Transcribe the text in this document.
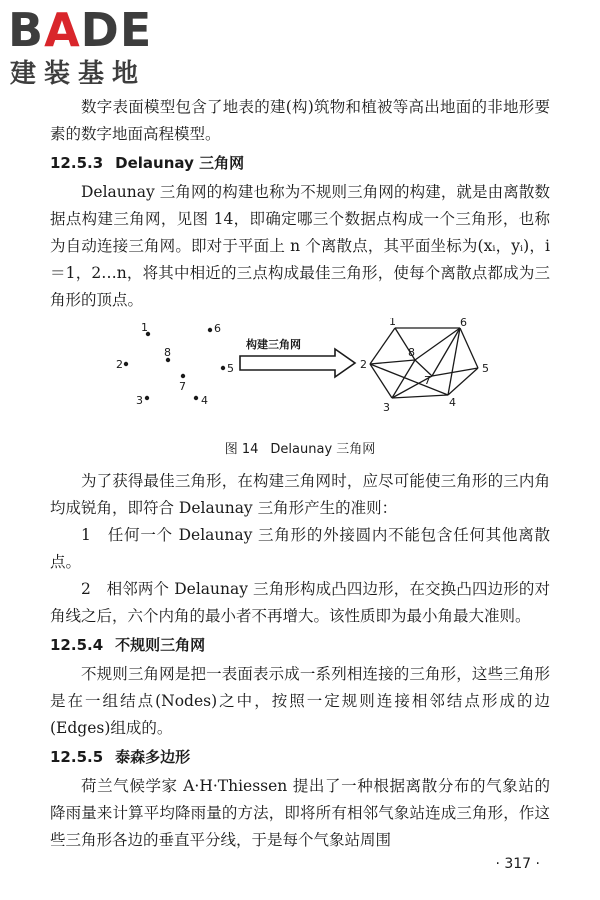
BADE
建装基地

数字表面模型包含了地表的建(构)筑物和植被等高出地面的非地形要素的数字地面高程模型。

12.5.3 Delaunay 三角网

Delaunay 三角网的构建也称为不规则三角网的构建，就是由离散数据点构建三角网，见图 14，即确定哪三个数据点构成一个三角形，也称为自动连接三角网。即对于平面上 n 个离散点，其平面坐标为(xᵢ，yᵢ)，i＝1，2…n，将其中相近的三点构成最佳三角形，使每个离散点都成为三角形的顶点。

1	6
8
2	5
7
3	4
构建三角网
1	6
8
2	5
7
3	4
图 14 Delaunay 三角网

为了获得最佳三角形，在构建三角网时，应尽可能使三角形的三内角均成锐角，即符合 Delaunay 三角形产生的准则：

1　任何一个 Delaunay 三角形的外接圆内不能包含任何其他离散点。

2　相邻两个 Delaunay 三角形构成凸四边形，在交换凸四边形的对角线之后，六个内角的最小者不再增大。该性质即为最小角最大准则。

12.5.4 不规则三角网

不规则三角网是把一表面表示成一系列相连接的三角形，这些三角形是在一组结点(Nodes)之中，按照一定规则连接相邻结点形成的边(Edges)组成的。

12.5.5 泰森多边形

荷兰气候学家 A·H·Thiessen 提出了一种根据离散分布的气象站的降雨量来计算平均降雨量的方法，即将所有相邻气象站连成三角形，作这些三角形各边的垂直平分线，于是每个气象站周围

· 317 ·
